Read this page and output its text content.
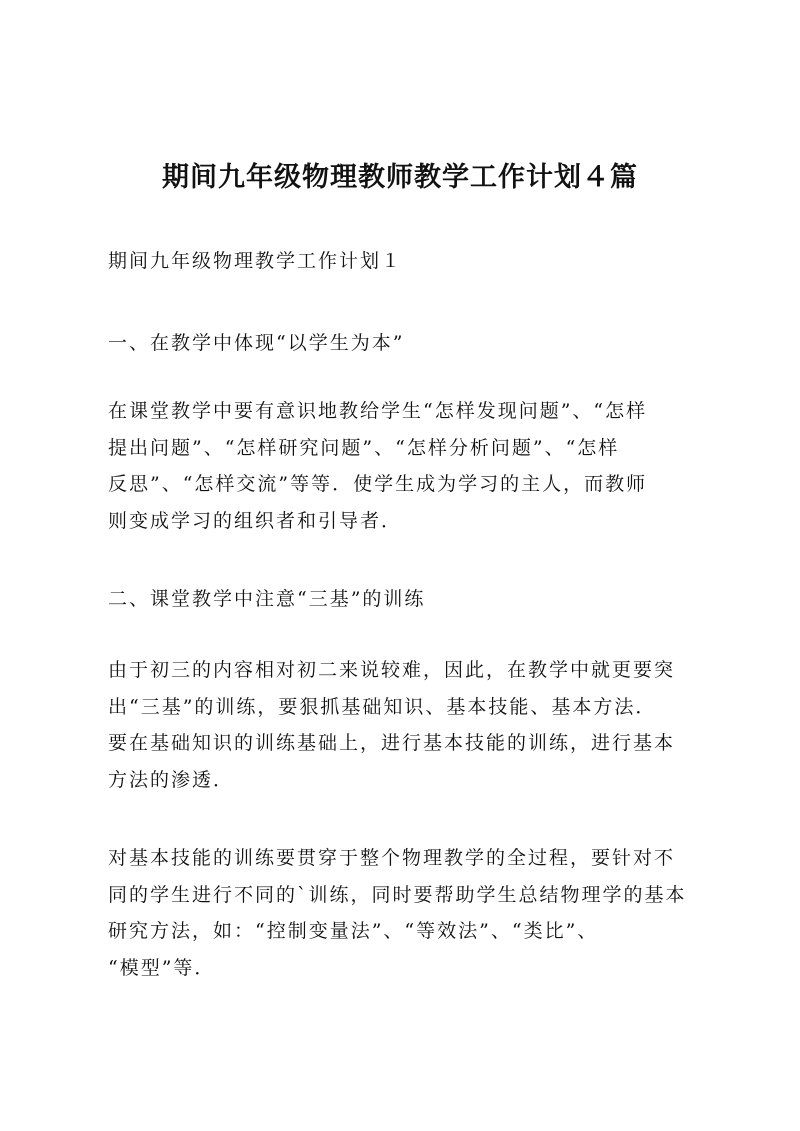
期间九年级物理教师教学工作计划４篇
期间九年级物理教学工作计划１
一、在教学中体现“以学生为本”
在课堂教学中要有意识地教给学生“怎样发现问题”、“怎样
提出问题”、“怎样研究问题”、“怎样分析问题”、“怎样
反思”、“怎样交流”等等．使学生成为学习的主人，而教师
则变成学习的组织者和引导者．
二、课堂教学中注意“三基”的训练
由于初三的内容相对初二来说较难，因此，在教学中就更要突
出“三基”的训练，要狠抓基础知识、基本技能、基本方法．
要在基础知识的训练基础上，进行基本技能的训练，进行基本
方法的渗透．
对基本技能的训练要贯穿于整个物理教学的全过程，要针对不
同的学生进行不同的`训练，同时要帮助学生总结物理学的基本
研究方法，如：“控制变量法”、“等效法”、“类比”、
“模型”等．
